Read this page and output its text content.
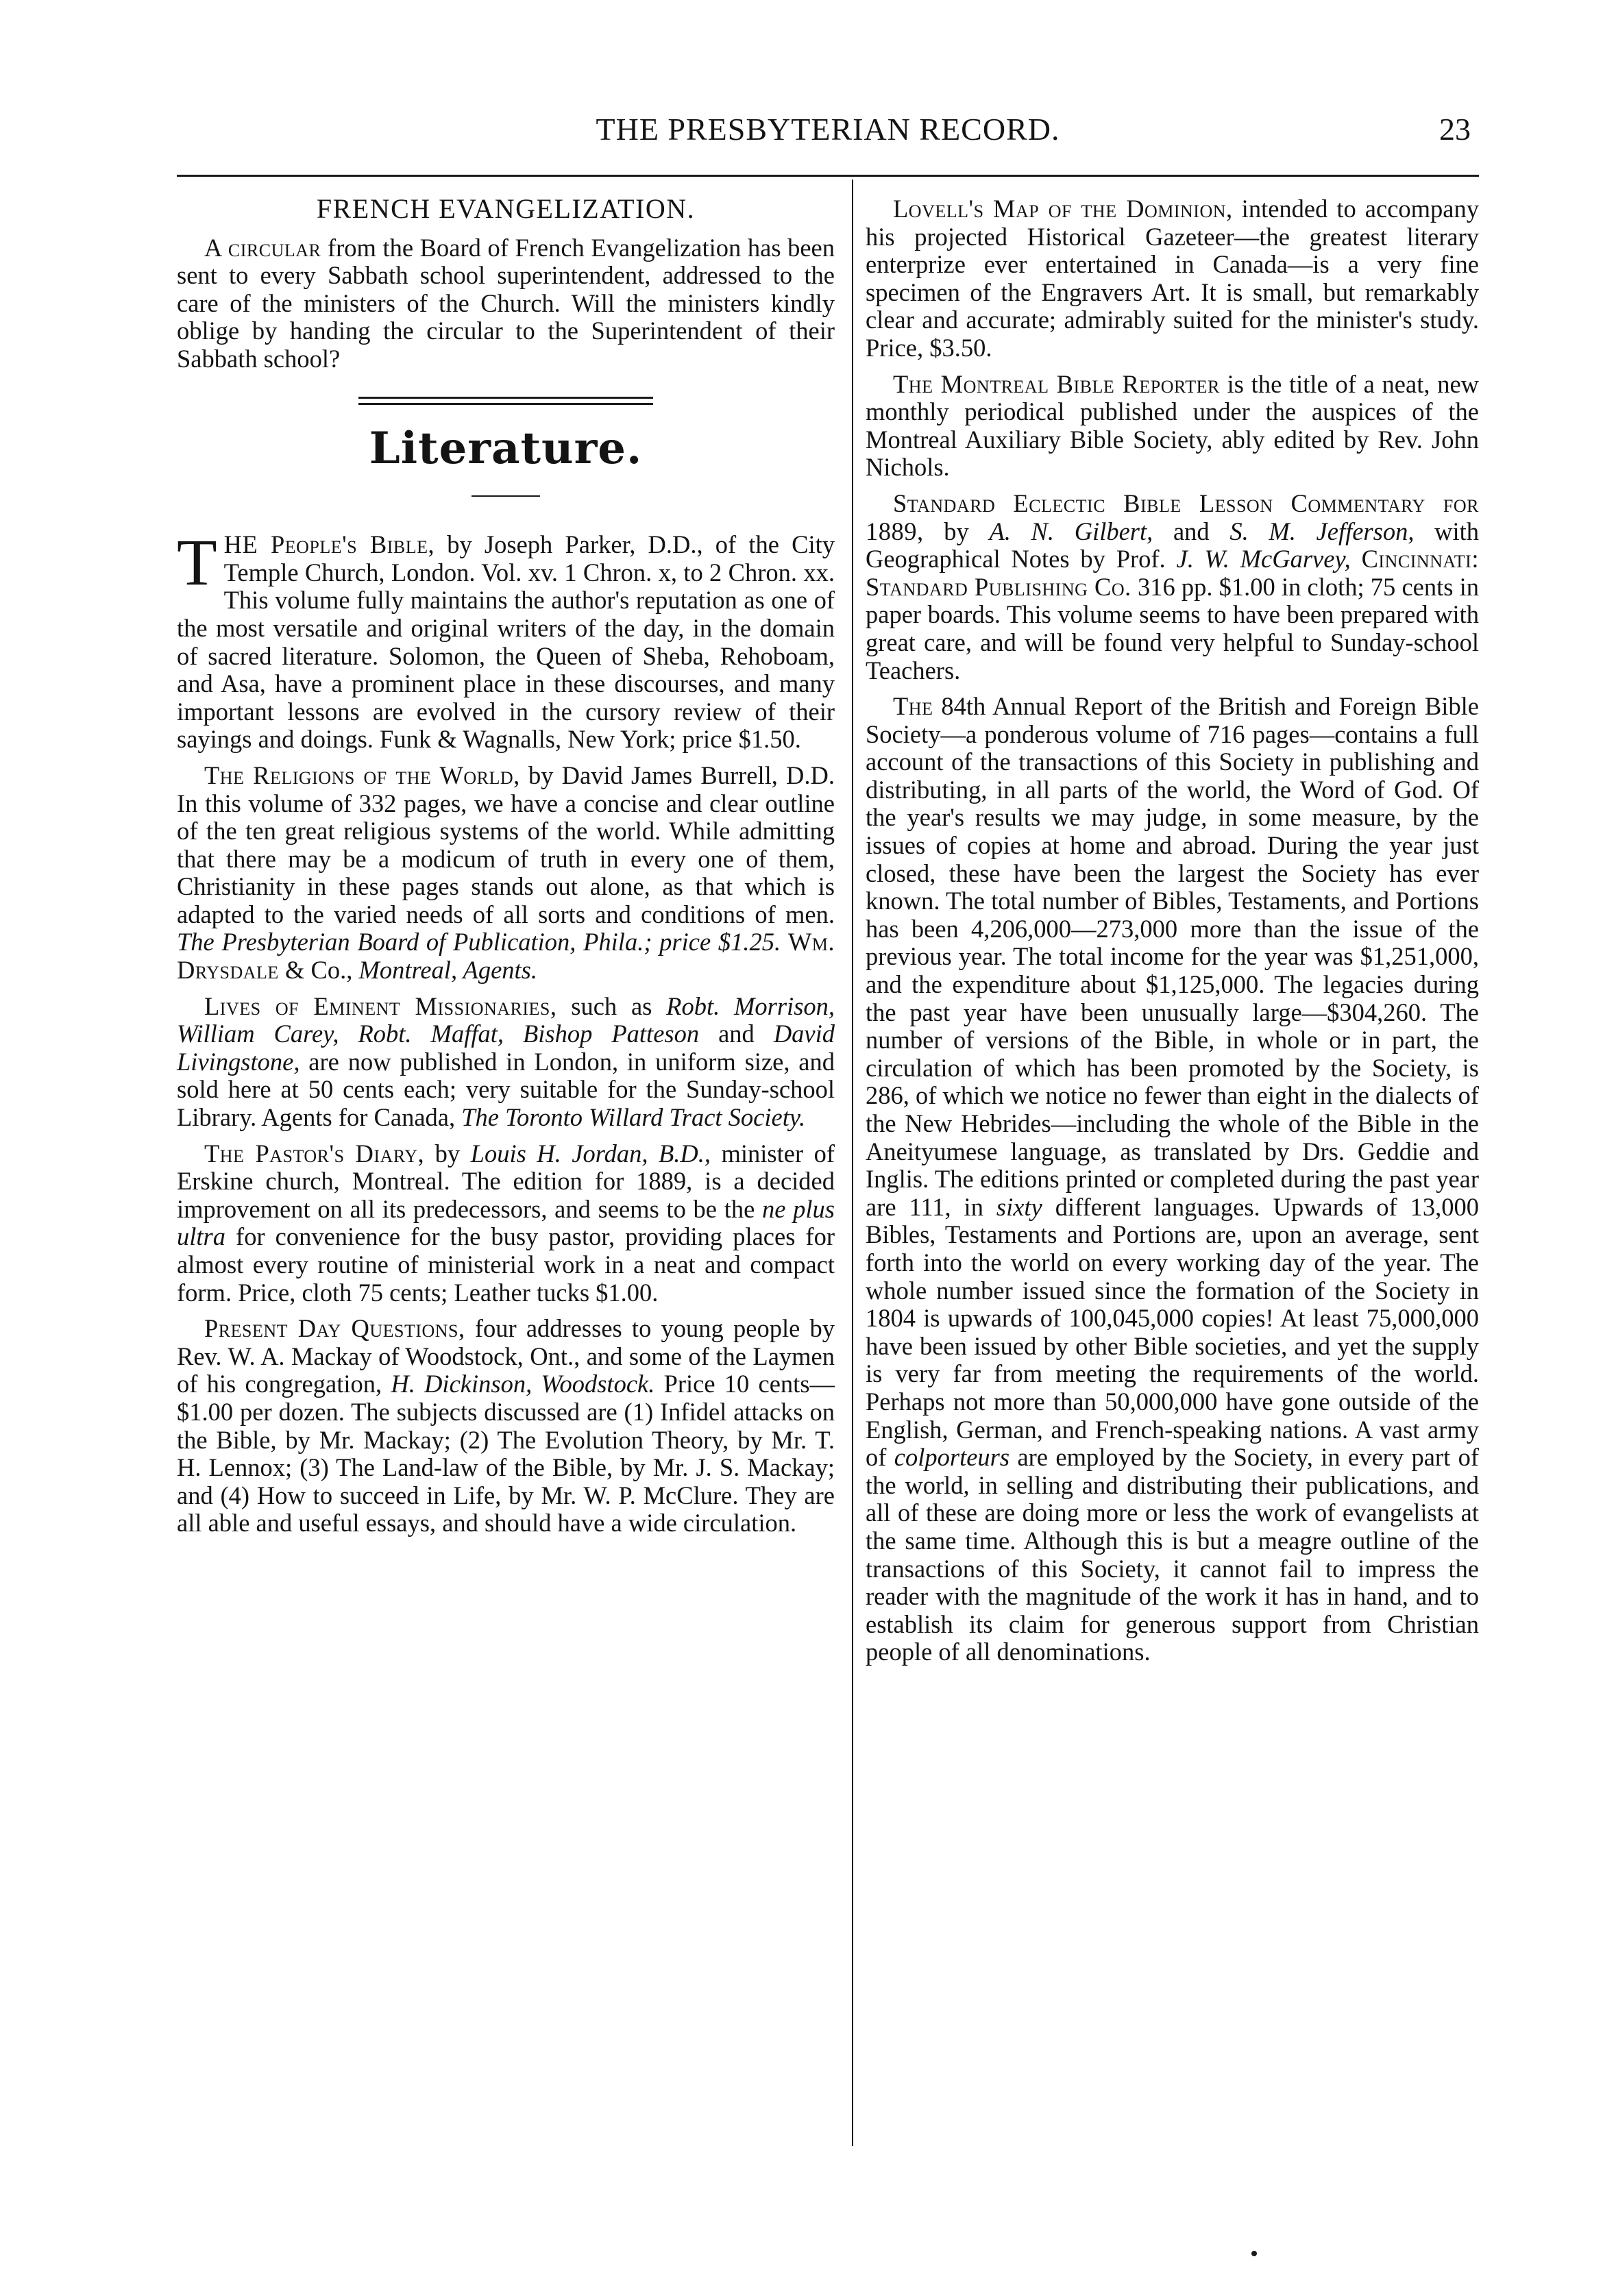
THE PRESBYTERIAN RECORD.	23
FRENCH EVANGELIZATION.

A circular from the Board of French Evangelization has been sent to every Sabbath school superintendent, addressed to the care of the ministers of the Church. Will the ministers kindly oblige by handing the circular to the Superintendent of their Sabbath school?

Literature.

T HE People's Bible, by Joseph Parker, D.D., of the City Temple Church, London. Vol. xv. 1 Chron. x, to 2 Chron. xx. This volume fully maintains the author's reputation as one of the most versatile and original writers of the day, in the domain of sacred literature. Solomon, the Queen of Sheba, Rehoboam, and Asa, have a prominent place in these discourses, and many important lessons are evolved in the cursory review of their sayings and doings. Funk & Wagnalls, New York; price $1.50.

The Religions of the World, by David James Burrell, D.D. In this volume of 332 pages, we have a concise and clear outline of the ten great religious systems of the world. While admitting that there may be a modicum of truth in every one of them, Christianity in these pages stands out alone, as that which is adapted to the varied needs of all sorts and conditions of men. The Presbyterian Board of Publication, Phila.; price $1.25. Wm. Drysdale & Co., Montreal, Agents.

Lives of Eminent Missionaries, such as Robt. Morrison, William Carey, Robt. Maffat, Bishop Patteson and David Livingstone, are now published in London, in uniform size, and sold here at 50 cents each; very suitable for the Sunday-school Library. Agents for Canada, The Toronto Willard Tract Society.

The Pastor's Diary, by Louis H. Jordan, B.D., minister of Erskine church, Montreal. The edition for 1889, is a decided improvement on all its predecessors, and seems to be the ne plus ultra for convenience for the busy pastor, providing places for almost every routine of ministerial work in a neat and compact form. Price, cloth 75 cents; Leather tucks $1.00.

Present Day Questions, four addresses to young people by Rev. W. A. Mackay of Woodstock, Ont., and some of the Laymen of his congregation, H. Dickinson, Woodstock. Price 10 cents—$1.00 per dozen. The subjects discussed are (1) Infidel attacks on the Bible, by Mr. Mackay; (2) The Evolution Theory, by Mr. T. H. Lennox; (3) The Land-law of the Bible, by Mr. J. S. Mackay; and (4) How to succeed in Life, by Mr. W. P. McClure. They are all able and useful essays, and should have a wide circulation.

Lovell's Map of the Dominion, intended to accompany his projected Historical Gazeteer—the greatest literary enterprize ever entertained in Canada—is a very fine specimen of the Engravers Art. It is small, but remarkably clear and accurate; admirably suited for the minister's study. Price, $3.50.

The Montreal Bible Reporter is the title of a neat, new monthly periodical published under the auspices of the Montreal Auxiliary Bible Society, ably edited by Rev. John Nichols.

Standard Eclectic Bible Lesson Commentary for 1889, by A. N. Gilbert, and S. M. Jefferson, with Geographical Notes by Prof. J. W. McGarvey, Cincinnati: Standard Publishing Co. 316 pp. $1.00 in cloth; 75 cents in paper boards. This volume seems to have been prepared with great care, and will be found very helpful to Sunday-school Teachers.

The 84th Annual Report of the British and Foreign Bible Society—a ponderous volume of 716 pages—contains a full account of the transactions of this Society in publishing and distributing, in all parts of the world, the Word of God. Of the year's results we may judge, in some measure, by the issues of copies at home and abroad. During the year just closed, these have been the largest the Society has ever known. The total number of Bibles, Testaments, and Portions has been 4,206,000—273,000 more than the issue of the previous year. The total income for the year was $1,251,000, and the expenditure about $1,125,000. The legacies during the past year have been unusually large—$304,260. The number of versions of the Bible, in whole or in part, the circulation of which has been promoted by the Society, is 286, of which we notice no fewer than eight in the dialects of the New Hebrides—including the whole of the Bible in the Aneityumese language, as translated by Drs. Geddie and Inglis. The editions printed or completed during the past year are 111, in sixty different languages. Upwards of 13,000 Bibles, Testaments and Portions are, upon an average, sent forth into the world on every working day of the year. The whole number issued since the formation of the Society in 1804 is upwards of 100,045,000 copies! At least 75,000,000 have been issued by other Bible societies, and yet the supply is very far from meeting the requirements of the world. Perhaps not more than 50,000,000 have gone outside of the English, German, and French-speaking nations. A vast army of colporteurs are employed by the Society, in every part of the world, in selling and distributing their publications, and all of these are doing more or less the work of evangelists at the same time. Although this is but a meagre outline of the transactions of this Society, it cannot fail to impress the reader with the magnitude of the work it has in hand, and to establish its claim for generous support from Christian people of all denominations.
